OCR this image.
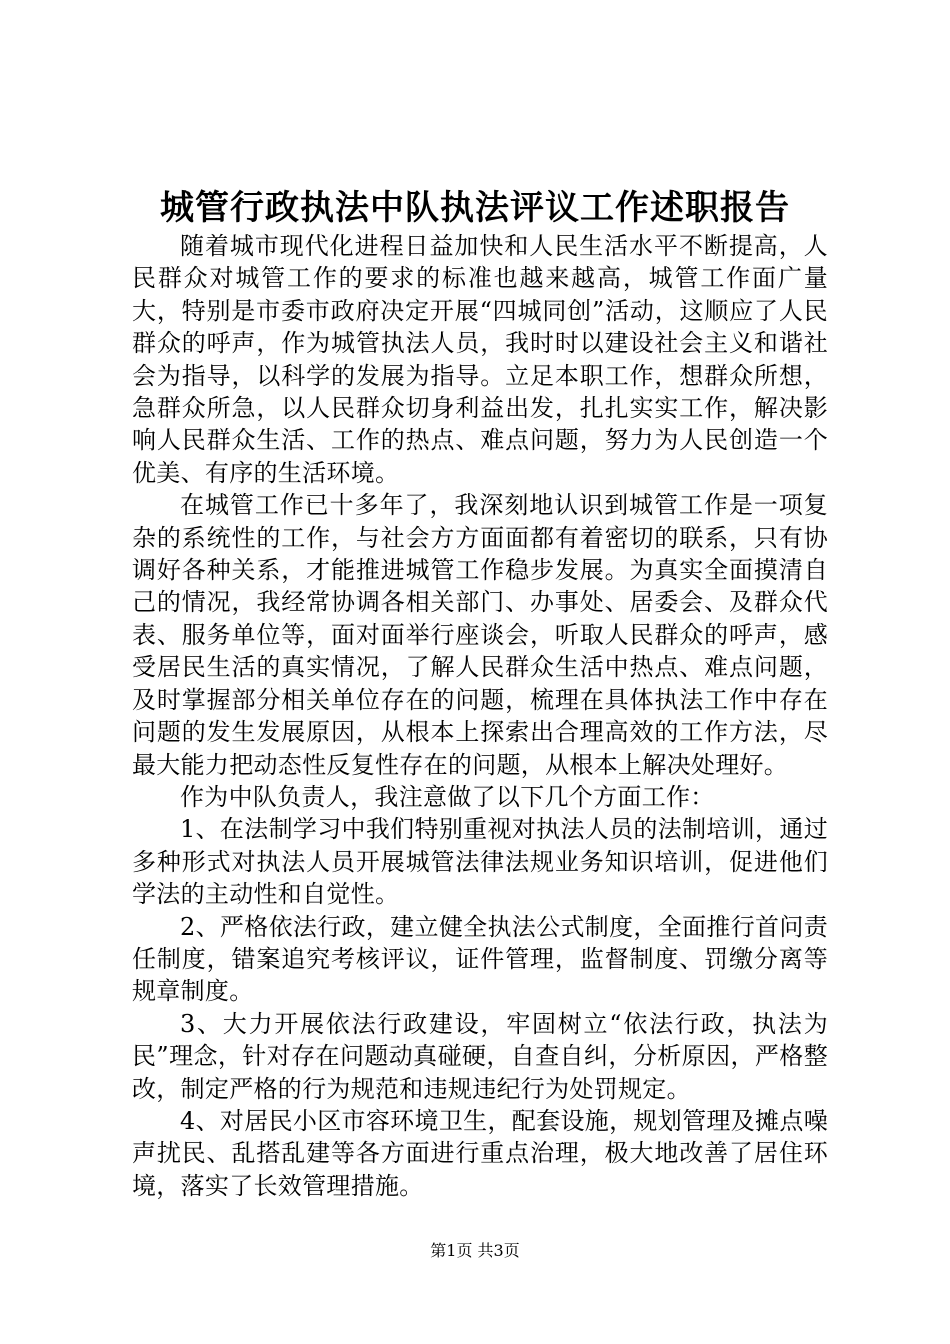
城管行政执法中队执法评议工作述职报告

随着城市现代化进程日益加快和人民生活水平不断提高，人民群众对城管工作的要求的标准也越来越高，城管工作面广量大，特别是市委市政府决定开展“四城同创”活动，这顺应了人民群众的呼声，作为城管执法人员，我时时以建设社会主义和谐社会为指导，以科学的发展为指导。立足本职工作，想群众所想，急群众所急，以人民群众切身利益出发，扎扎实实工作，解决影响人民群众生活、工作的热点、难点问题，努力为人民创造一个优美、有序的生活环境。

在城管工作已十多年了，我深刻地认识到城管工作是一项复杂的系统性的工作，与社会方方面面都有着密切的联系，只有协调好各种关系，才能推进城管工作稳步发展。为真实全面摸清自己的情况，我经常协调各相关部门、办事处、居委会、及群众代表、服务单位等，面对面举行座谈会，听取人民群众的呼声，感受居民生活的真实情况，了解人民群众生活中热点、难点问题，及时掌握部分相关单位存在的问题，梳理在具体执法工作中存在问题的发生发展原因，从根本上探索出合理高效的工作方法，尽最大能力把动态性反复性存在的问题，从根本上解决处理好。

作为中队负责人，我注意做了以下几个方面工作：

1、在法制学习中我们特别重视对执法人员的法制培训，通过多种形式对执法人员开展城管法律法规业务知识培训，促进他们学法的主动性和自觉性。

2、严格依法行政，建立健全执法公式制度，全面推行首问责任制度，错案追究考核评议，证件管理，监督制度、罚缴分离等规章制度。

3、大力开展依法行政建设，牢固树立“依法行政，执法为民”理念，针对存在问题动真碰硬，自查自纠，分析原因，严格整改，制定严格的行为规范和违规违纪行为处罚规定。

4、对居民小区市容环境卫生，配套设施，规划管理及摊点噪声扰民、乱搭乱建等各方面进行重点治理，极大地改善了居住环境，落实了长效管理措施。

第1页 共3页
